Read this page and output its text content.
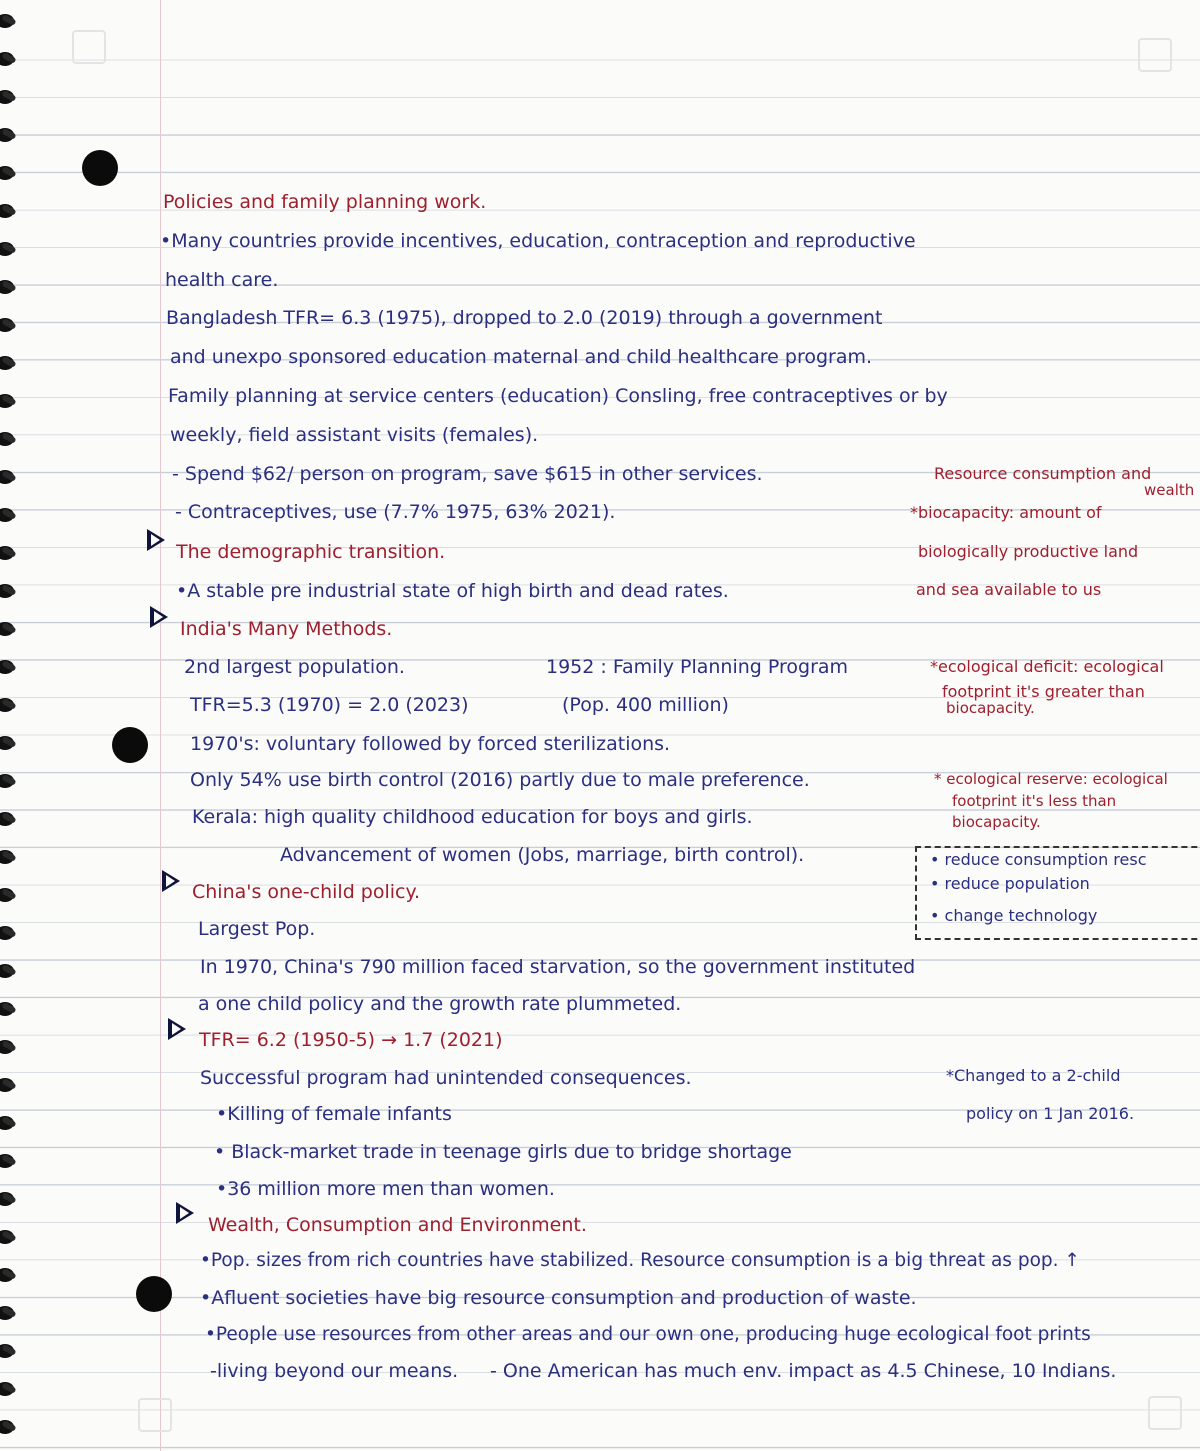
Policies and family planning work.
•Many countries provide incentives, education, contraception and reproductive
health care.
Bangladesh TFR= 6.3 (1975), dropped to 2.0 (2019) through a government
and unexpo sponsored education maternal and child healthcare program.
Family planning at service centers (education) Consling, free contraceptives or by
weekly, field assistant visits (females).
- Spend $62/ person on program, save $615 in other services.
- Contraceptives, use (7.7% 1975, 63% 2021).
The demographic transition.
•A stable pre industrial state of high birth and dead rates.
India's Many Methods.
2nd largest population.	1952 : Family Planning Program
TFR=5.3 (1970) = 2.0 (2023)	(Pop. 400 million)
1970's: voluntary followed by forced sterilizations.
Only 54% use birth control (2016) partly due to male preference.
Kerala: high quality childhood education for boys and girls.
Advancement of women (Jobs, marriage, birth control).
China's one-child policy.
Largest Pop.
In 1970, China's 790 million faced starvation, so the government instituted
a one child policy and the growth rate plummeted.
TFR= 6.2 (1950-5) → 1.7 (2021)
Successful program had unintended consequences.
•Killing of female infants
• Black-market trade in teenage girls due to bridge shortage
•36 million more men than women.
Wealth, Consumption and Environment.
•Pop. sizes from rich countries have stabilized. Resource consumption is a big threat as pop. ↑
•Afluent societies have big resource consumption and production of waste.
•People use resources from other areas and our own one, producing huge ecological foot prints
-living beyond our means. - One American has much env. impact as 4.5 Chinese, 10 Indians.
Resource consumption and
wealth
*biocapacity: amount of
biologically productive land
and sea available to us
*ecological deficit: ecological
footprint it's greater than
biocapacity.
* ecological reserve: ecological
footprint it's less than
biocapacity.
• reduce consumption resc
• reduce population
• change technology
*Changed to a 2-child
policy on 1 Jan 2016.
